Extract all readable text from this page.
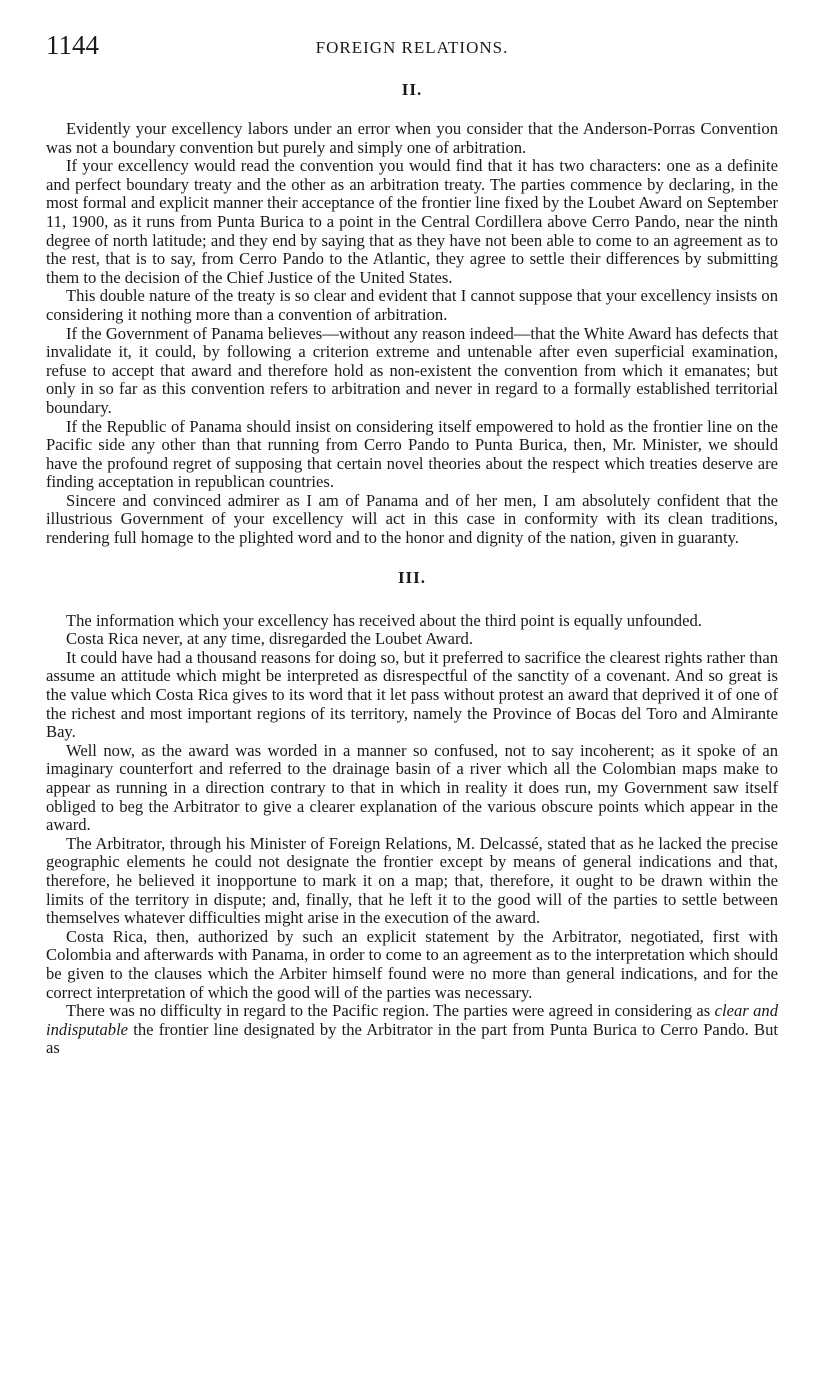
1144	FOREIGN RELATIONS.
II.

Evidently your excellency labors under an error when you consider that the Anderson-Porras Convention was not a boundary convention but purely and simply one of arbitration.

If your excellency would read the convention you would find that it has two characters: one as a definite and perfect boundary treaty and the other as an arbitration treaty. The parties commence by declaring, in the most formal and explicit manner their acceptance of the frontier line fixed by the Loubet Award on September 11, 1900, as it runs from Punta Burica to a point in the Central Cordillera above Cerro Pando, near the ninth degree of north latitude; and they end by saying that as they have not been able to come to an agreement as to the rest, that is to say, from Cerro Pando to the Atlantic, they agree to settle their differences by submitting them to the decision of the Chief Justice of the United States.

This double nature of the treaty is so clear and evident that I cannot suppose that your excellency insists on considering it nothing more than a convention of arbitration.

If the Government of Panama believes—without any reason indeed—that the White Award has defects that invalidate it, it could, by following a criterion extreme and untenable after even superficial examination, refuse to accept that award and therefore hold as non-existent the convention from which it emanates; but only in so far as this convention refers to arbitration and never in regard to a formally established territorial boundary.

If the Republic of Panama should insist on considering itself empowered to hold as the frontier line on the Pacific side any other than that running from Cerro Pando to Punta Burica, then, Mr. Minister, we should have the profound regret of supposing that certain novel theories about the respect which treaties deserve are finding acceptation in republican countries.

Sincere and convinced admirer as I am of Panama and of her men, I am absolutely confident that the illustrious Government of your excellency will act in this case in conformity with its clean traditions, rendering full homage to the plighted word and to the honor and dignity of the nation, given in guaranty.

III.

The information which your excellency has received about the third point is equally unfounded.

Costa Rica never, at any time, disregarded the Loubet Award.

It could have had a thousand reasons for doing so, but it preferred to sacrifice the clearest rights rather than assume an attitude which might be interpreted as disrespectful of the sanctity of a covenant. And so great is the value which Costa Rica gives to its word that it let pass without protest an award that deprived it of one of the richest and most important regions of its territory, namely the Province of Bocas del Toro and Almirante Bay.

Well now, as the award was worded in a manner so confused, not to say incoherent; as it spoke of an imaginary counterfort and referred to the drainage basin of a river which all the Colombian maps make to appear as running in a direction contrary to that in which in reality it does run, my Government saw itself obliged to beg the Arbitrator to give a clearer explanation of the various obscure points which appear in the award.

The Arbitrator, through his Minister of Foreign Relations, M. Delcassé, stated that as he lacked the precise geographic elements he could not designate the frontier except by means of general indications and that, therefore, he believed it inopportune to mark it on a map; that, therefore, it ought to be drawn within the limits of the territory in dispute; and, finally, that he left it to the good will of the parties to settle between themselves whatever difficulties might arise in the execution of the award.

Costa Rica, then, authorized by such an explicit statement by the Arbitrator, negotiated, first with Colombia and afterwards with Panama, in order to come to an agreement as to the interpretation which should be given to the clauses which the Arbiter himself found were no more than general indications, and for the correct interpretation of which the good will of the parties was necessary.

There was no difficulty in regard to the Pacific region. The parties were agreed in considering as clear and indisputable the frontier line designated by the Arbitrator in the part from Punta Burica to Cerro Pando. But as
